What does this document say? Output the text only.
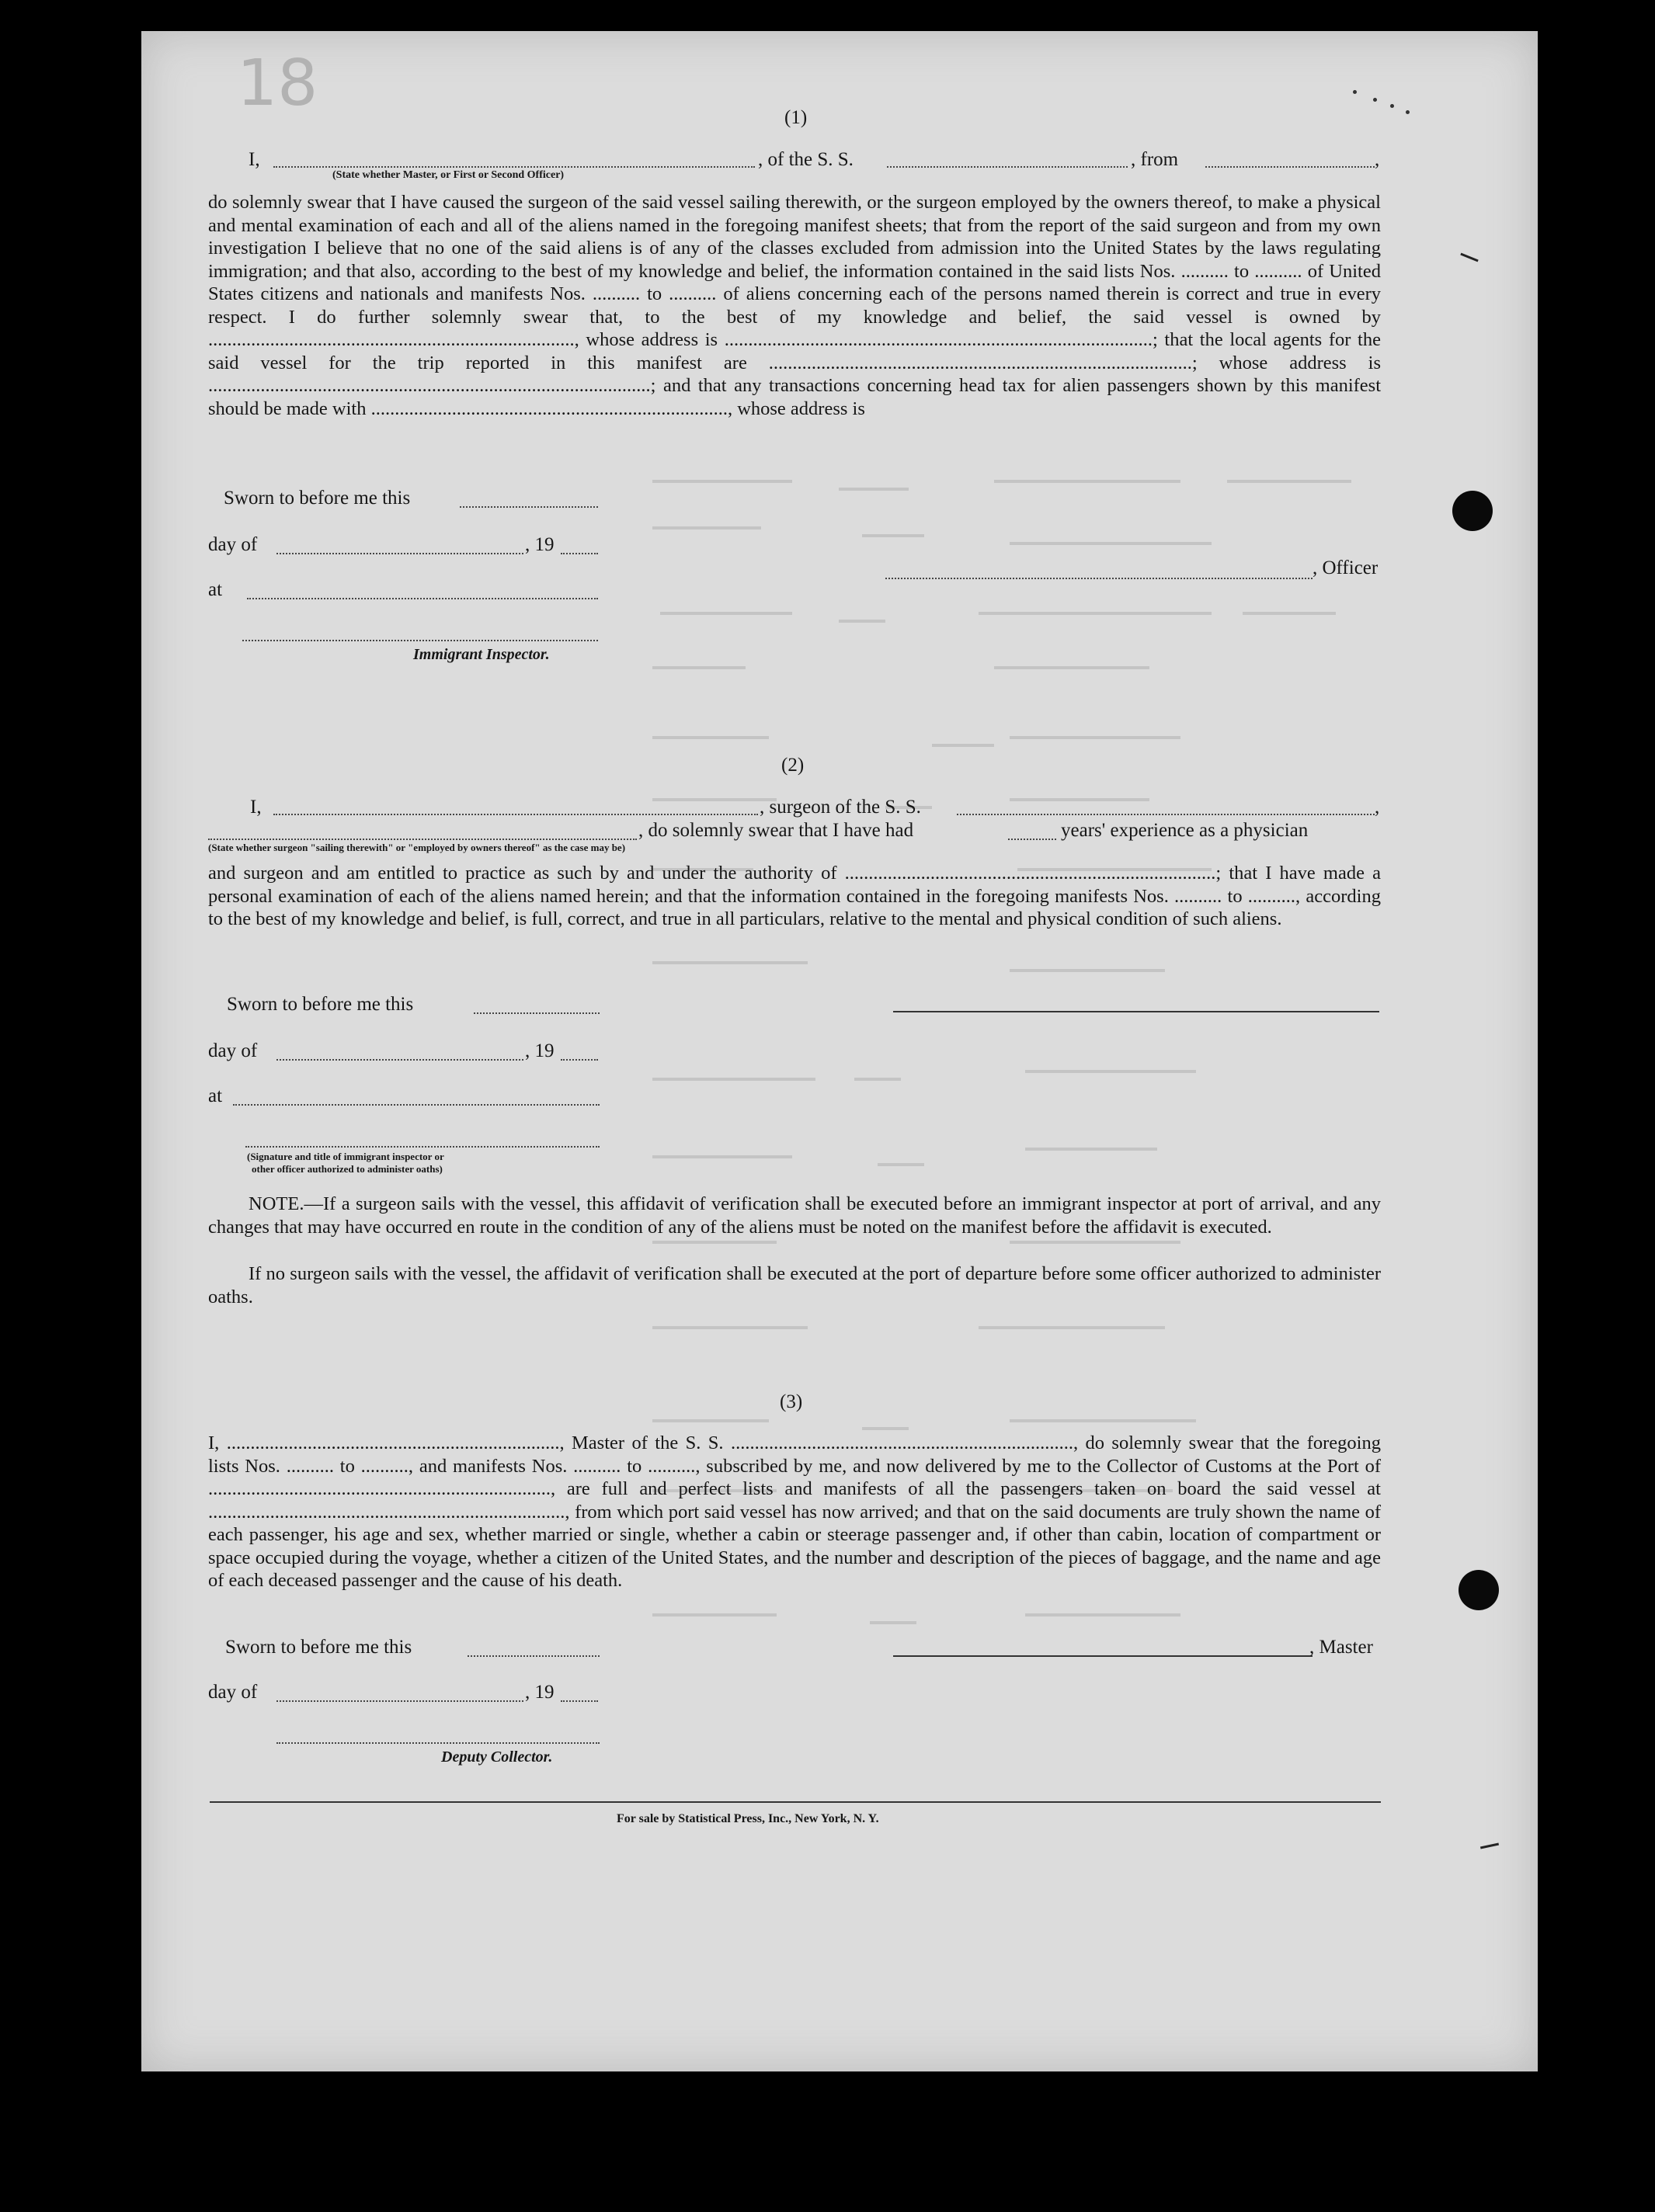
18	(1)
I,	, of the S. S.	, from	,
(State whether Master, or First or Second Officer)
do solemnly swear that I have caused the surgeon of the said vessel sailing therewith, or the surgeon employed by the owners thereof, to make a physical and mental examination of each and all of the aliens named in the foregoing manifest sheets; that from the report of the said surgeon and from my own investigation I believe that no one of the said aliens is of any of the classes excluded from admission into the United States by the laws regulating immigration; and that also, according to the best of my knowledge and belief, the information contained in the said lists Nos. .......... to .......... of United States citizens and nationals and manifests Nos. .......... to .......... of aliens concerning each of the persons named therein is correct and true in every respect. I do further solemnly swear that, to the best of my knowledge and belief, the said vessel is owned by ............................................................................., whose address is ..........................................................................................; that the local agents for the said vessel for the trip reported in this manifest are .........................................................................................; whose address is .............................................................................................; and that any transactions concerning head tax for alien passengers shown by this manifest should be made with ..........................................................................., whose address is
Sworn to before me this
day of	, 19
at
Immigrant Inspector.
, Officer
(2)
I,	, surgeon of the S. S.	,
, do solemnly swear that I have had	years' experience as a physician
(State whether surgeon "sailing therewith" or "employed by owners thereof" as the case may be)
and surgeon and am entitled to practice as such by and under the authority of ..............................................................................; that I have made a personal examination of each of the aliens named herein; and that the information contained in the foregoing manifests Nos. .......... to .........., according to the best of my knowledge and belief, is full, correct, and true in all particulars, relative to the mental and physical condition of such aliens.
Sworn to before me this
day of	, 19
at
(Signature and title of immigrant inspector or
other officer authorized to administer oaths)
NOTE.—If a surgeon sails with the vessel, this affidavit of verification shall be executed before an immigrant inspector at port of arrival, and any changes that may have occurred en route in the condition of any of the aliens must be noted on the manifest before the affidavit is executed.
If no surgeon sails with the vessel, the affidavit of verification shall be executed at the port of departure before some officer authorized to administer oaths.
(3)
I, ......................................................................, Master of the S. S. ........................................................................, do solemnly swear that the foregoing lists Nos. .......... to .........., and manifests Nos. .......... to .........., subscribed by me, and now delivered by me to the Collector of Customs at the Port of ........................................................................, are full and perfect lists and manifests of all the passengers taken on board the said vessel at ..........................................................................., from which port said vessel has now arrived; and that on the said documents are truly shown the name of each passenger, his age and sex, whether married or single, whether a cabin or steerage passenger and, if other than cabin, location of compartment or space occupied during the voyage, whether a citizen of the United States, and the number and description of the pieces of baggage, and the name and age of each deceased passenger and the cause of his death.
Sworn to before me this
day of	, 19
Deputy Collector.
, Master
For sale by Statistical Press, Inc., New York, N. Y.
